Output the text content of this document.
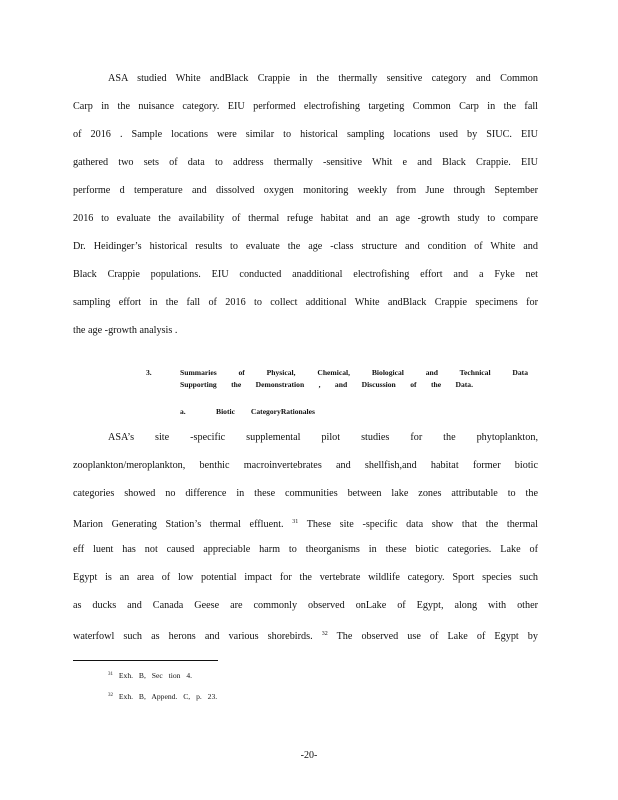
ASA studied White andBlack Crappie in the thermally sensitive category and Common
Carp in the nuisance category. EIU performed electrofishing targeting Common Carp in the fall
of 2016 . Sample locations were similar to historical sampling locations used by SIUC. EIU
gathered two sets of data to address thermally -sensitive Whit e and Black Crappie. EIU
performe d temperature and dissolved oxygen monitoring weekly from June through September
2016 to evaluate the availability of thermal refuge habitat and an age -growth study to compare
Dr. Heidinger’s historical results to evaluate the age -class structure and condition of White and
Black Crappie populations. EIU conducted anadditional electrofishing effort and a Fyke net
sampling effort in the fall of 2016 to collect additional White andBlack Crappie specimens for
the age -growth analysis .
3.	Summaries of Physical, Chemical, Biological and Technical Data
Supporting the Demonstration , and Discussion of the Data.
a.	Biotic CategoryRationales
ASA’s site -specific supplemental pilot studies for the phytoplankton,
zooplankton/meroplankton, benthic macroinvertebrates and shellfish,and habitat former biotic
categories showed no difference in these communities between lake zones attributable to the
Marion Generating Station’s thermal effluent. $^{31}$ These site -specific data show that the thermal
eff luent has not caused appreciable harm to theorganisms in these biotic categories. Lake of
Egypt is an area of low potential impact for the vertebrate wildlife category. Sport species such
as ducks and Canada Geese are commonly observed onLake of Egypt, along with other
waterfowl such as herons and various shorebirds. $^{32}$ The observed use of Lake of Egypt by
$^{31}$ Exh. B, Sec tion 4.
$^{32}$ Exh. B, Append. C, p. 23.
-20-
